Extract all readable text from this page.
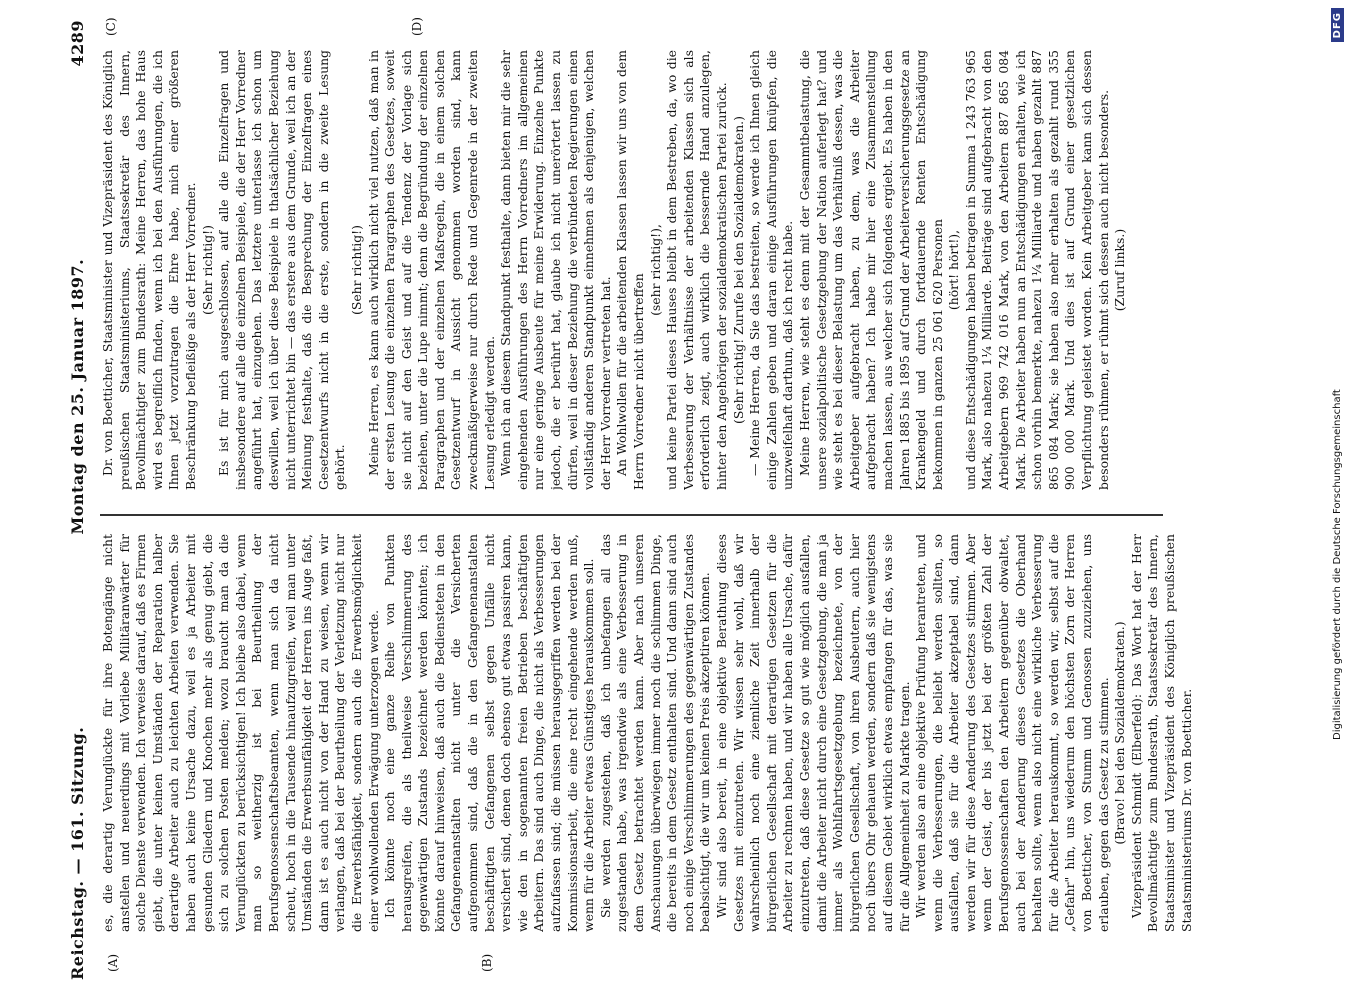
Reichstag. — 161. Sitzung.
Montag den 25. Januar 1897.
4289
(A)	(B)
(C)	(D)

es, die derartig Verunglückte für ihre Botengänge nicht anstellen und neuerdings mit Vorliebe Militäranwärter für solche Dienste verwenden. Ich verweise darauf, daß es Firmen giebt, die unter keinen Umständen der Reparation halber derartige Arbeiter auch zu leichten Arbeiten verwenden. Sie haben auch keine Ursache dazu, weil es ja Arbeiter mit gesunden Gliedern und Knochen mehr als genug giebt, die sich zu solchen Posten melden; wozu braucht man da die Verunglückten zu berücksichtigen! Ich bleibe also dabei, wenn man so weitherzig ist bei Beurtheilung der Berufsgenossenschaftsbeamten, wenn man sich da nicht scheut, hoch in die Tausende hinaufzugreifen, weil man unter Umständen die Erwerbsunfähigkeit der Herren ins Auge faßt, dann ist es auch nicht von der Hand zu weisen, wenn wir verlangen, daß bei der Beurtheilung der Verletzung nicht nur die Erwerbsfähigkeit, sondern auch die Erwerbsmöglichkeit einer wohlwollenden Erwägung unterzogen werde. Ich könnte noch eine ganze Reihe von Punkten herausgreifen, die als theilweise Verschlimmerung des gegenwärtigen Zustands bezeichnet werden könnten; ich könnte darauf hinweisen, daß auch die Bediensteten in den Gefangenenanstalten nicht unter die Versicherten aufgenommen sind, daß die in den Gefangenenanstalten beschäftigten Gefangenen selbst gegen Unfälle nicht versichert sind, denen doch ebenso gut etwas passiren kann, wie den in sogenannten freien Betrieben beschäftigten Arbeitern. Das sind auch Dinge, die nicht als Verbesserungen aufzufassen sind; die müssen herausgegriffen werden bei der Kommissionsarbeit, die eine recht eingehende werden muß, wenn für die Arbeiter etwas Günstiges herauskommen soll. Sie werden zugestehen, daß ich unbefangen all das zugestanden habe, was irgendwie als eine Verbesserung in dem Gesetz betrachtet werden kann. Aber nach unseren Anschauungen überwiegen immer noch die schlimmen Dinge, die bereits in dem Gesetz enthalten sind. Und dann sind auch noch einige Verschlimmerungen des gegenwärtigen Zustandes beabsichtigt, die wir um keinen Preis akzeptiren können. Wir sind also bereit, in eine objektive Berathung dieses Gesetzes mit einzutreten. Wir wissen sehr wohl, daß wir wahrscheinlich noch eine ziemliche Zeit innerhalb der bürgerlichen Gesellschaft mit derartigen Gesetzen für die Arbeiter zu rechnen haben, und wir haben alle Ursache, dafür einzutreten, daß diese Gesetze so gut wie möglich ausfallen, damit die Arbeiter nicht durch eine Gesetzgebung, die man ja immer als Wohlfahrtsgesetzgebung bezeichnete, von der bürgerlichen Gesellschaft, von ihren Ausbeutern, auch hier noch übers Ohr gehauen werden, sondern daß sie wenigstens auf diesem Gebiet wirklich etwas empfangen für das, was sie für die Allgemeinheit zu Markte tragen. Wir werden also an eine objektive Prüfung herantreten, und wenn die Verbesserungen, die beliebt werden sollten, so ausfallen, daß sie für die Arbeiter akzeptabel sind, dann werden wir für diese Aenderung des Gesetzes stimmen. Aber wenn der Geist, der bis jetzt bei der größten Zahl der Berufsgenossenschaften den Arbeitern gegenüber obwaltet, auch bei der Aenderung dieses Gesetzes die Oberhand behalten sollte, wenn also nicht eine wirkliche Verbesserung für die Arbeiter herauskommt, so werden wir, selbst auf die „Gefahr" hin, uns wiederum den höchsten Zorn der Herren von Boetticher, von Stumm und Genossen zuzuziehen, uns erlauben, gegen das Gesetz zu stimmen. (Bravo! bei den Sozialdemokraten.) Vizepräsident Schmidt (Elberfeld): Das Wort hat der Herr Bevollmächtigte zum Bundesrath, Staatssekretär des Innern, Staatsminister und Vizepräsident des Königlich preußischen Staatsministeriums Dr. von Boetticher.

Dr. von Boetticher, Staatsminister und Vizepräsident des Königlich preußischen Staatsministeriums, Staatssekretär des Innern, Bevollmächtigter zum Bundesrath: Meine Herren, das hohe Haus wird es begreiflich finden, wenn ich bei den Ausführungen, die ich Ihnen jetzt vorzutragen die Ehre habe, mich einer größeren Beschränkung befleißige als der Herr Vorredner. (Sehr richtig!) Es ist für mich ausgeschlossen, auf alle die Einzelfragen und insbesondere auf alle die einzelnen Beispiele, die der Herr Vorredner angeführt hat, einzugehen. Das letztere unterlasse ich schon um deswillen, weil ich über diese Beispiele in thatsächlicher Beziehung nicht unterrichtet bin — das erstere aus dem Grunde, weil ich an der Meinung festhalte, daß die Besprechung der Einzelfragen eines Gesetzentwurfs nicht in die erste, sondern in die zweite Lesung gehört.

(Sehr richtig!) Meine Herren, es kann auch wirklich nicht viel nutzen, daß man in der ersten Lesung die einzelnen Paragraphen des Gesetzes, soweit sie nicht auf den Geist und auf die Tendenz der Vorlage sich beziehen, unter die Lupe nimmt; denn die Begründung der einzelnen Paragraphen und der einzelnen Maßregeln, die in einem solchen Gesetzentwurf in Aussicht genommen worden sind, kann zweckmäßigerweise nur durch Rede und Gegenrede in der zweiten Lesung erledigt werden. Wenn ich an diesem Standpunkt festhalte, dann bieten mir die sehr eingehenden Ausführungen des Herrn Vorredners im allgemeinen nur eine geringe Ausbeute für meine Erwiderung. Einzelne Punkte jedoch, die er berührt hat, glaube ich nicht unerörtert lassen zu dürfen, weil in dieser Beziehung die verbündeten Regierungen einen vollständig anderen Standpunkt einnehmen als denjenigen, welchen der Herr Vorredner vertreten hat. An Wohlwollen für die arbeitenden Klassen lassen wir uns von dem Herrn Vorredner nicht übertreffen

(sehr richtig!), und keine Partei dieses Hauses bleibt in dem Bestreben, da, wo die Verbesserung der Verhältnisse der arbeitenden Klassen sich als erforderlich zeigt, auch wirklich die bessernde Hand anzulegen, hinter den Angehörigen der sozialdemokratischen Partei zurück. (Sehr richtig! Zurufe bei den Sozialdemokraten.) — Meine Herren, da Sie das bestreiten, so werde ich Ihnen gleich einige Zahlen geben und daran einige Ausführungen knüpfen, die unzweifelhaft darthun, daß ich recht habe. Meine Herren, wie steht es denn mit der Gesammtbelastung, die unsere sozialpolitische Gesetzgebung der Nation auferlegt hat? und wie steht es bei dieser Belastung um das Verhältniß dessen, was die Arbeitgeber aufgebracht haben, zu dem, was die Arbeiter aufgebracht haben? Ich habe mir hier eine Zusammenstellung machen lassen, aus welcher sich folgendes ergiebt. Es haben in den Jahren 1885 bis 1895 auf Grund der Arbeiterversicherungsgesetze an Krankengeld und durch fortdauernde Renten Entschädigung bekommen in ganzen 25 061 620 Personen (hört! hört!), und diese Entschädigungen haben betragen in Summa 1 243 763 965 Mark, also nahezu 1¼ Milliarde. Beiträge sind aufgebracht von den Arbeitgebern 969 742 016 Mark, von den Arbeitern 887 865 084 Mark. Die Arbeiter haben nun an Entschädigungen erhalten, wie ich schon vorhin bemerkte, nahezu 1¼ Milliarde und haben gezahlt 887 865 084 Mark; sie haben also mehr erhalten als gezahlt rund 355 900 000 Mark. Und dies ist auf Grund einer gesetzlichen Verpflichtung geleistet worden. Kein Arbeitgeber kann sich dessen besonders rühmen, er rühmt sich dessen auch nicht besonders. (Zuruf links.)

Digitalisierung gefördert durch die Deutsche Forschungsgemeinschaft
DFG
